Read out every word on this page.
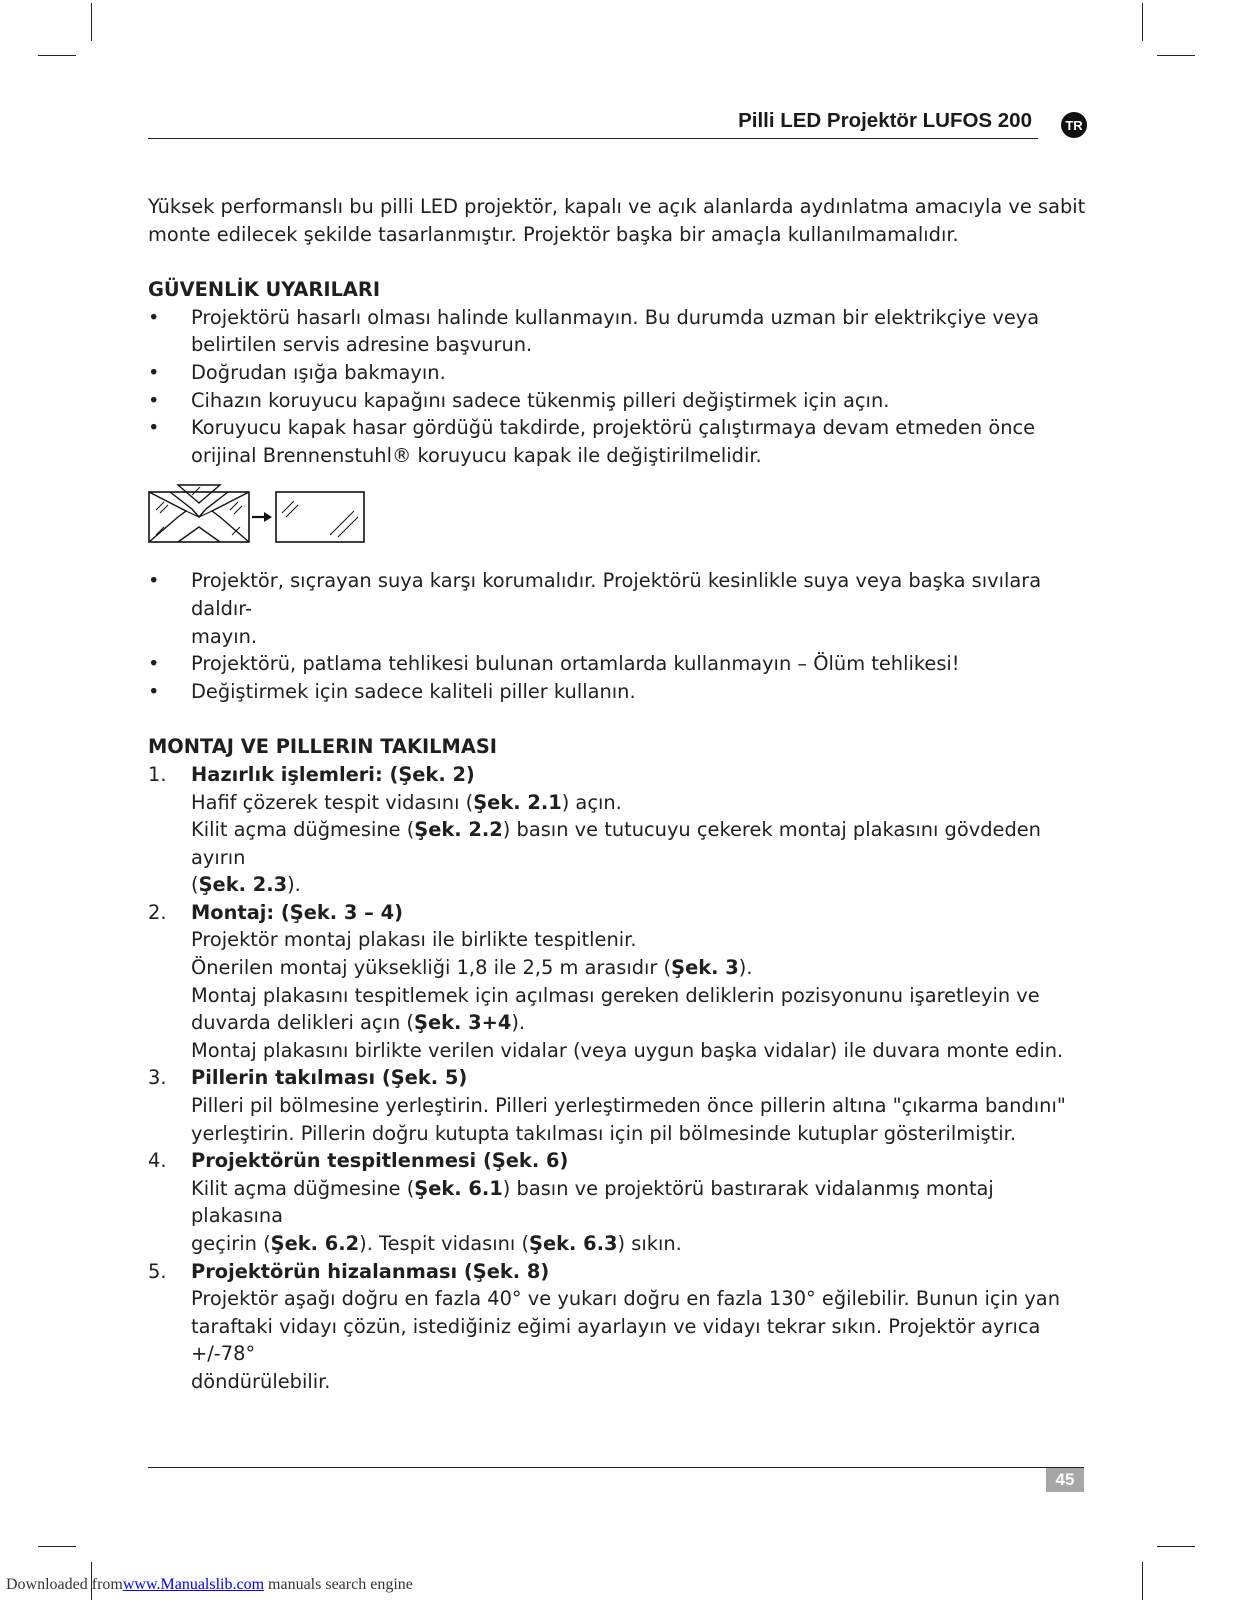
Pilli LED Projektör LUFOS 200	TR

Yüksek performanslı bu pilli LED projektör, kapalı ve açık alanlarda aydınlatma amacıyla ve sabit

monte edilecek şekilde tasarlanmıştır. Projektör başka bir amaçla kullanılmamalıdır.

GÜVENLİK UYARILARI

• Projektörü hasarlı olması halinde kullanmayın. Bu durumda uzman bir elektrikçiye veya
belirtilen servis adresine başvurun.
• Doğrudan ışığa bakmayın.
• Cihazın koruyucu kapağını sadece tükenmiş pilleri değiştirmek için açın.
• Koruyucu kapak hasar gördüğü takdirde, projektörü çalıştırmaya devam etmeden önce
orijinal Brennenstuhl® koruyucu kapak ile değiştirilmelidir.
• Projektör, sıçrayan suya karşı korumalıdır. Projektörü kesinlikle suya veya başka sıvılara daldır-
mayın.
• Projektörü, patlama tehlikesi bulunan ortamlarda kullanmayın – Ölüm tehlikesi!
• Değiştirmek için sadece kaliteli piller kullanın.

MONTAJ VE PILLERIN TAKILMASI

1. Hazırlık işlemleri: (Şek. 2)
Hafif çözerek tespit vidasını (Şek. 2.1) açın.
Kilit açma düğmesine (Şek. 2.2) basın ve tutucuyu çekerek montaj plakasını gövdeden ayırın
(Şek. 2.3).
2. Montaj: (Şek. 3 – 4)
Projektör montaj plakası ile birlikte tespitlenir.
Önerilen montaj yüksekliği 1,8 ile 2,5 m arasıdır (Şek. 3).
Montaj plakasını tespitlemek için açılması gereken deliklerin pozisyonunu işaretleyin ve
duvarda delikleri açın (Şek. 3+4).
Montaj plakasını birlikte verilen vidalar (veya uygun başka vidalar) ile duvara monte edin.
3. Pillerin takılması (Şek. 5)
Pilleri pil bölmesine yerleştirin. Pilleri yerleştirmeden önce pillerin altına "çıkarma bandını"
yerleştirin. Pillerin doğru kutupta takılması için pil bölmesinde kutuplar gösterilmiştir.
4. Projektörün tespitlenmesi (Şek. 6)
Kilit açma düğmesine (Şek. 6.1) basın ve projektörü bastırarak vidalanmış montaj plakasına
geçirin (Şek. 6.2). Tespit vidasını (Şek. 6.3) sıkın.
5. Projektörün hizalanması (Şek. 8)
Projektör aşağı doğru en fazla 40° ve yukarı doğru en fazla 130° eğilebilir. Bunun için yan
taraftaki vidayı çözün, istediğiniz eğimi ayarlayın ve vidayı tekrar sıkın. Projektör ayrıca +/-78°
döndürülebilir.
45
Downloaded fromwww.Manualslib.com manuals search engine
